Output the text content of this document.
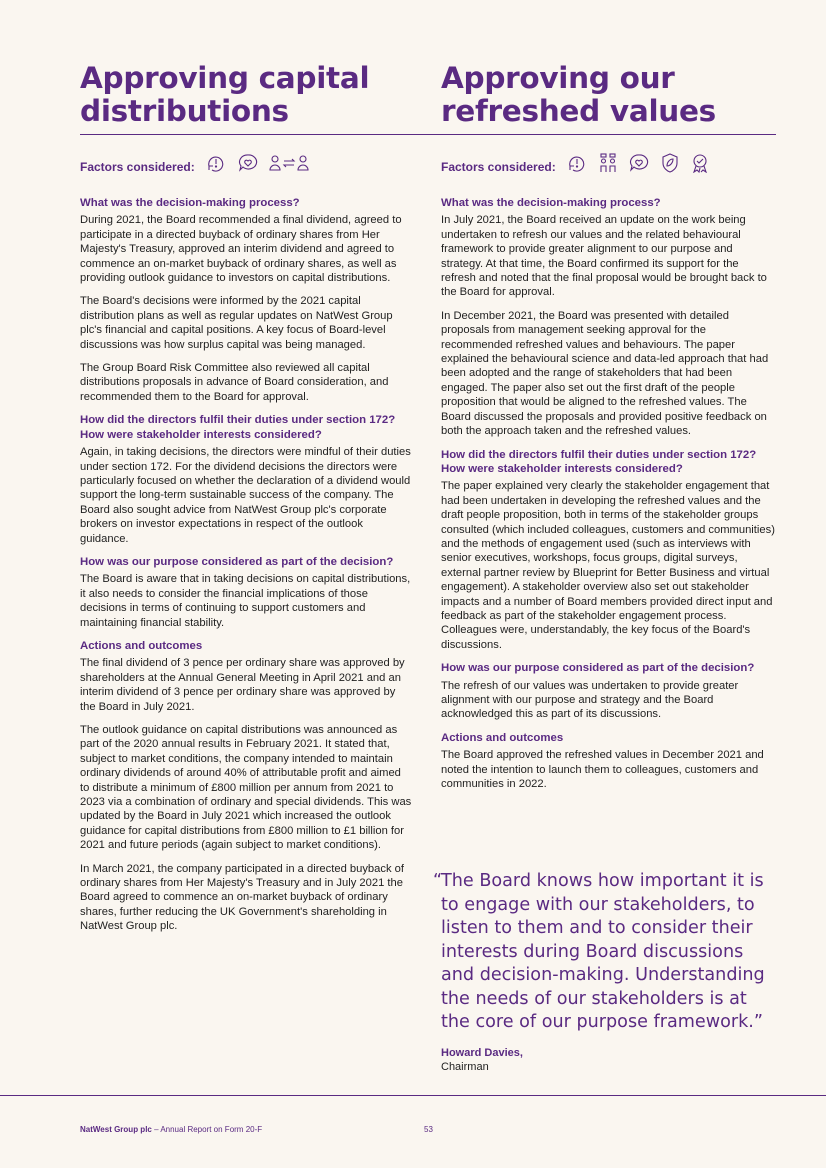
Approving capital
distributions
Factors considered:
What was the decision-making process?

During 2021, the Board recommended a final dividend, agreed to participate in a directed buyback of ordinary shares from Her Majesty's Treasury, approved an interim dividend and agreed to commence an on-market buyback of ordinary shares, as well as providing outlook guidance to investors on capital distributions.

The Board's decisions were informed by the 2021 capital distribution plans as well as regular updates on NatWest Group plc's financial and capital positions. A key focus of Board-level discussions was how surplus capital was being managed.

The Group Board Risk Committee also reviewed all capital distributions proposals in advance of Board consideration, and recommended them to the Board for approval.

How did the directors fulfil their duties under section 172? How were stakeholder interests considered?

Again, in taking decisions, the directors were mindful of their duties under section 172. For the dividend decisions the directors were particularly focused on whether the declaration of a dividend would support the long-term sustainable success of the company. The Board also sought advice from NatWest Group plc's corporate brokers on investor expectations in respect of the outlook guidance.

How was our purpose considered as part of the decision?

The Board is aware that in taking decisions on capital distributions, it also needs to consider the financial implications of those decisions in terms of continuing to support customers and maintaining financial stability.

Actions and outcomes

The final dividend of 3 pence per ordinary share was approved by shareholders at the Annual General Meeting in April 2021 and an interim dividend of 3 pence per ordinary share was approved by the Board in July 2021.

The outlook guidance on capital distributions was announced as part of the 2020 annual results in February 2021. It stated that, subject to market conditions, the company intended to maintain ordinary dividends of around 40% of attributable profit and aimed to distribute a minimum of £800 million per annum from 2021 to 2023 via a combination of ordinary and special dividends. This was updated by the Board in July 2021 which increased the outlook guidance for capital distributions from £800 million to £1 billion for 2021 and future periods (again subject to market conditions).

In March 2021, the company participated in a directed buyback of ordinary shares from Her Majesty's Treasury and in July 2021 the Board agreed to commence an on-market buyback of ordinary shares, further reducing the UK Government's shareholding in NatWest Group plc.

Approving our
refreshed values
Factors considered:
What was the decision-making process?

In July 2021, the Board received an update on the work being undertaken to refresh our values and the related behavioural framework to provide greater alignment to our purpose and strategy. At that time, the Board confirmed its support for the refresh and noted that the final proposal would be brought back to the Board for approval.

In December 2021, the Board was presented with detailed proposals from management seeking approval for the recommended refreshed values and behaviours. The paper explained the behavioural science and data-led approach that had been adopted and the range of stakeholders that had been engaged. The paper also set out the first draft of the people proposition that would be aligned to the refreshed values. The Board discussed the proposals and provided positive feedback on both the approach taken and the refreshed values.

How did the directors fulfil their duties under section 172? How were stakeholder interests considered?

The paper explained very clearly the stakeholder engagement that had been undertaken in developing the refreshed values and the draft people proposition, both in terms of the stakeholder groups consulted (which included colleagues, customers and communities) and the methods of engagement used (such as interviews with senior executives, workshops, focus groups, digital surveys, external partner review by Blueprint for Better Business and virtual engagement). A stakeholder overview also set out stakeholder impacts and a number of Board members provided direct input and feedback as part of the stakeholder engagement process. Colleagues were, understandably, the key focus of the Board's discussions.

How was our purpose considered as part of the decision?

The refresh of our values was undertaken to provide greater alignment with our purpose and strategy and the Board acknowledged this as part of its discussions.

Actions and outcomes

The Board approved the refreshed values in December 2021 and noted the intention to launch them to colleagues, customers and communities in 2022.

“
The Board knows how important it is to engage with our stakeholders, to listen to them and to consider their interests during Board discussions and decision-making. Understanding the needs of our stakeholders is at the core of our purpose framework.”
Howard Davies,
Chairman
NatWest Group plc – Annual Report on Form 20-F	53
